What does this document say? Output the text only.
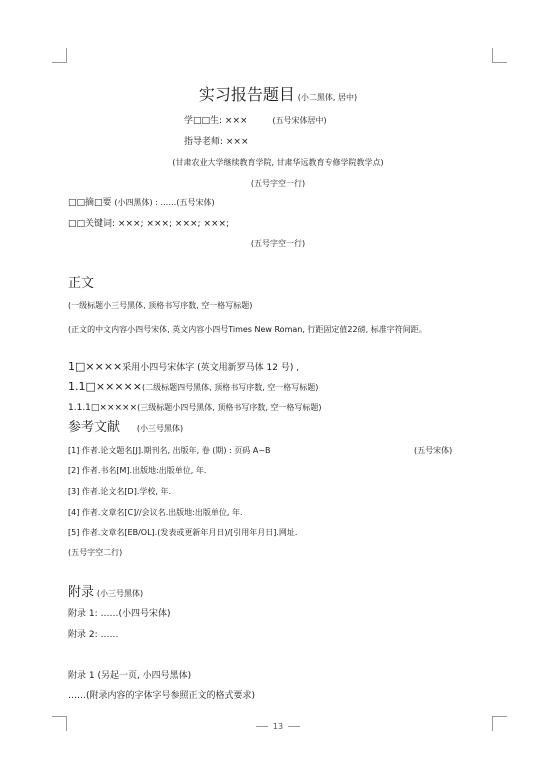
实习报告题目 (小二黑体, 居中)
学□□生: ×××	(五号宋体居中)
指导老师: ×××
(甘肃农业大学继续教育学院, 甘肃华远教育专修学院教学点)
(五号字空一行)
□□摘□要 (小四黑体) : ……(五号宋体)
□□关键词: ×××; ×××; ×××; ×××;
(五号字空一行)
正文
(一级标题小三号黑体, 顶格书写序数, 空一格写标题)
(正文的中文内容小四号宋体, 英文内容小四号Times New Roman, 行距固定值22磅, 标准字符间距。
1□××××采用小四号宋体字 (英文用新罗马体 12 号) ,
1.1□×××××(二级标题四号黑体, 顶格书写序数, 空一格写标题)
1.1.1□×××××(三级标题小四号黑体, 顶格书写序数, 空一格写标题)
参考文献 (小三号黑体)
[1] 作者.论文题名[J].期刊名, 出版年, 卷 (期) : 页码 A~B	(五号宋体)
[2] 作者.书名[M].出版地:出版单位, 年.
[3] 作者.论文名[D].学校, 年.
[4] 作者.文章名[C]//会议名.出版地:出版单位, 年.
[5] 作者.文章名[EB/OL].(发表或更新年月日)/[引用年月日].网址.
(五号字空二行)
附录 (小三号黑体)
附录 1: ……(小四号宋体)
附录 2: ……
附录 1 (另起一页, 小四号黑体)
……(附录内容的字体字号参照正文的格式要求)
13
